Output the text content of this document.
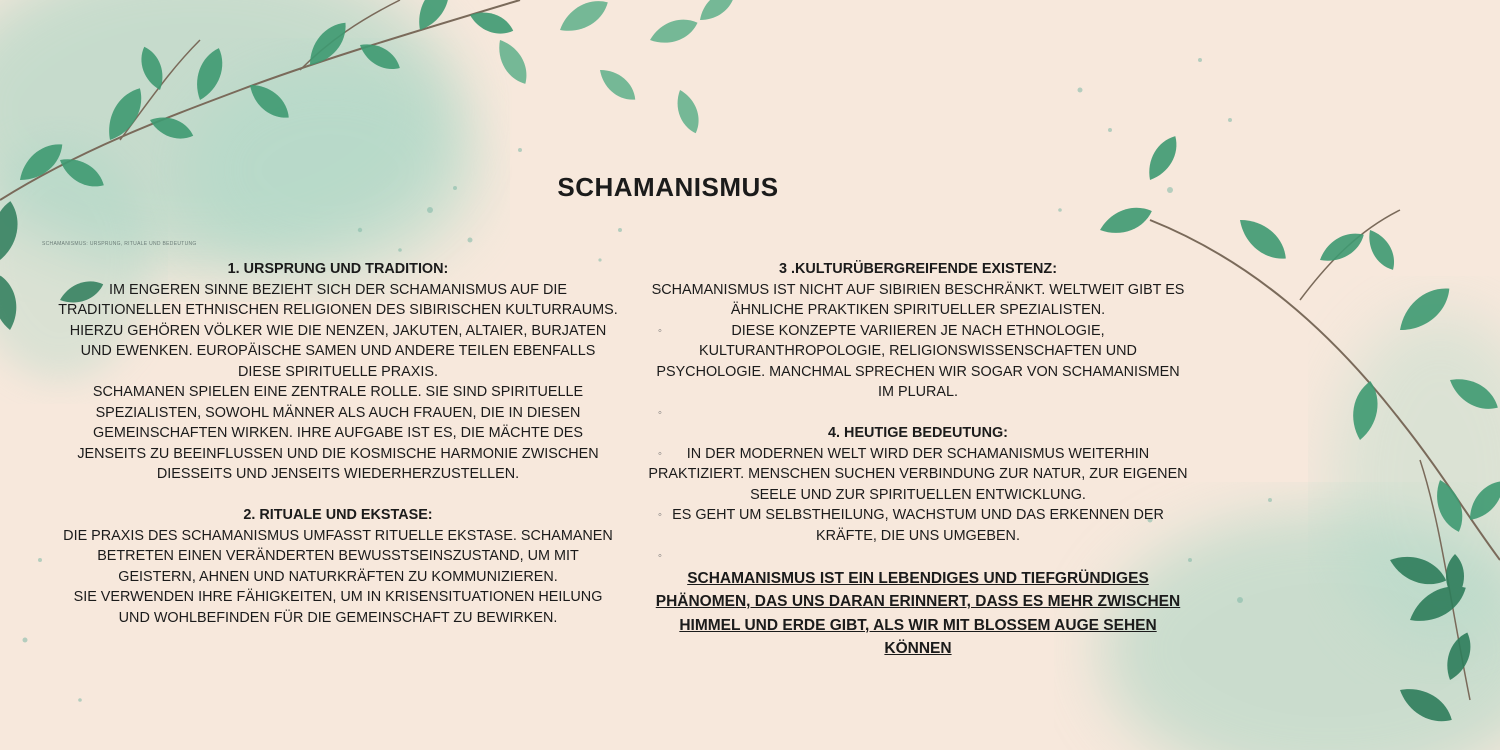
SCHAMANISMUS
SCHAMANISMUS: URSPRUNG, RITUALE UND BEDEUTUNG

1. URSPRUNG UND TRADITION:

IM ENGEREN SINNE BEZIEHT SICH DER SCHAMANISMUS AUF DIE TRADITIONELLEN ETHNISCHEN RELIGIONEN DES SIBIRISCHEN KULTURRAUMS. HIERZU GEHÖREN VÖLKER WIE DIE NENZEN, JAKUTEN, ALTAIER, BURJATEN UND EWENKEN. EUROPÄISCHE SAMEN UND ANDERE TEILEN EBENFALLS DIESE SPIRITUELLE PRAXIS.

SCHAMANEN SPIELEN EINE ZENTRALE ROLLE. SIE SIND SPIRITUELLE SPEZIALISTEN, SOWOHL MÄNNER ALS AUCH FRAUEN, DIE IN DIESEN GEMEINSCHAFTEN WIRKEN. IHRE AUFGABE IST ES, DIE MÄCHTE DES JENSEITS ZU BEEINFLUSSEN UND DIE KOSMISCHE HARMONIE ZWISCHEN DIESSEITS UND JENSEITS WIEDERHERZUSTELLEN.

2. RITUALE UND EKSTASE:

DIE PRAXIS DES SCHAMANISMUS UMFASST RITUELLE EKSTASE. SCHAMANEN BETRETEN EINEN VERÄNDERTEN BEWUSSTSEINSZUSTAND, UM MIT GEISTERN, AHNEN UND NATURKRÄFTEN ZU KOMMUNIZIEREN.

SIE VERWENDEN IHRE FÄHIGKEITEN, UM IN KRISENSITUATIONEN HEILUNG UND WOHLBEFINDEN FÜR DIE GEMEINSCHAFT ZU BEWIRKEN.

3 .KULTURÜBERGREIFENDE EXISTENZ:

◦ SCHAMANISMUS IST NICHT AUF SIBIRIEN BESCHRÄNKT. WELTWEIT GIBT ES ÄHNLICHE PRAKTIKEN SPIRITUELLER SPEZIALISTEN.

◦ DIESE KONZEPTE VARIIEREN JE NACH ETHNOLOGIE, KULTURANTHROPOLOGIE, RELIGIONSWISSENSCHAFTEN UND PSYCHOLOGIE. MANCHMAL SPRECHEN WIR SOGAR VON SCHAMANISMEN IM PLURAL.

◦

4. HEUTIGE BEDEUTUNG:

◦ IN DER MODERNEN WELT WIRD DER SCHAMANISMUS WEITERHIN PRAKTIZIERT. MENSCHEN SUCHEN VERBINDUNG ZUR NATUR, ZUR EIGENEN SEELE UND ZUR SPIRITUELLEN ENTWICKLUNG.

◦ ES GEHT UM SELBSTHEILUNG, WACHSTUM UND DAS ERKENNEN DER KRÄFTE, DIE UNS UMGEBEN.

◦

SCHAMANISMUS IST EIN LEBENDIGES UND TIEFGRÜNDIGES PHÄNOMEN, DAS UNS DARAN ERINNERT, DASS ES MEHR ZWISCHEN HIMMEL UND ERDE GIBT, ALS WIR MIT BLOSSEM AUGE SEHEN KÖNNEN
